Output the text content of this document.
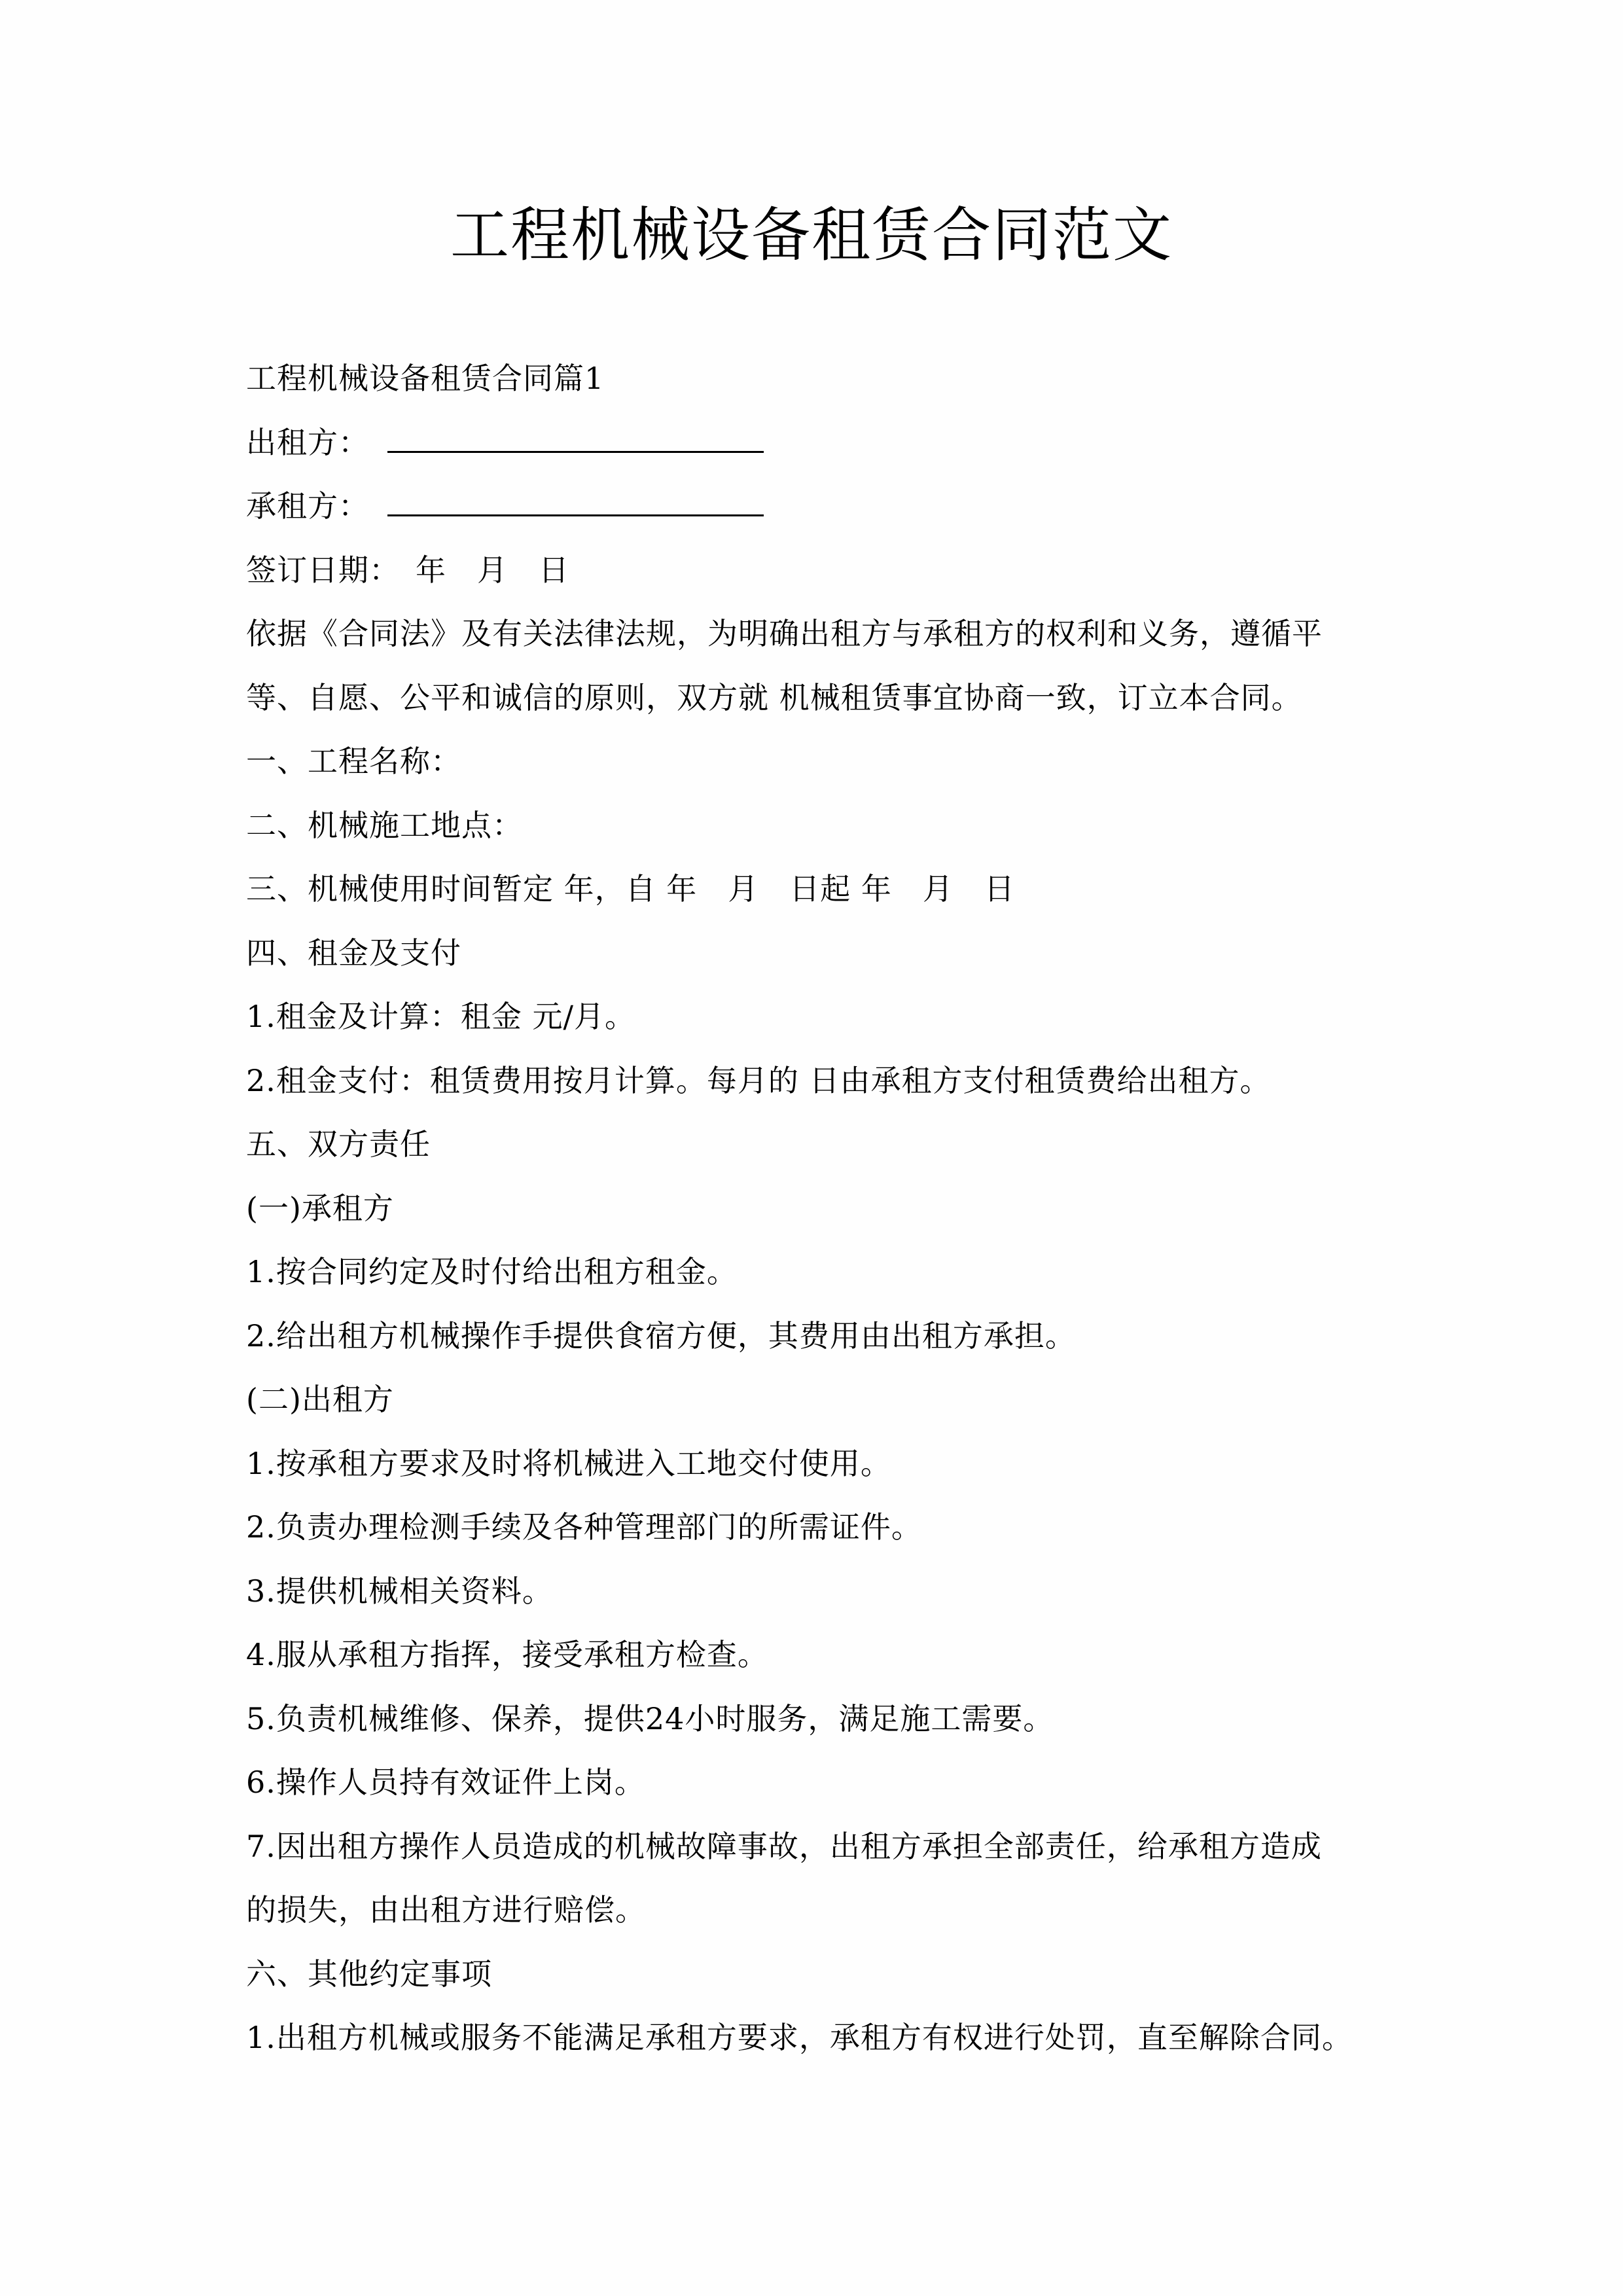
工程机械设备租赁合同范文
工程机械设备租赁合同篇1
出租方：
承租方：
签订日期：　年　月　日
依据《合同法》及有关法律法规，为明确出租方与承租方的权利和义务，遵循平
等、自愿、公平和诚信的原则，双方就 机械租赁事宜协商一致，订立本合同。
一、工程名称：
二、机械施工地点：
三、机械使用时间暂定 年，自 年　月　日起 年　月　日
四、租金及支付
1.租金及计算：租金 元/月。
2.租金支付：租赁费用按月计算。每月的 日由承租方支付租赁费给出租方。
五、双方责任
(一)承租方
1.按合同约定及时付给出租方租金。
2.给出租方机械操作手提供食宿方便，其费用由出租方承担。
(二)出租方
1.按承租方要求及时将机械进入工地交付使用。
2.负责办理检测手续及各种管理部门的所需证件。
3.提供机械相关资料。
4.服从承租方指挥，接受承租方检查。
5.负责机械维修、保养，提供24小时服务，满足施工需要。
6.操作人员持有效证件上岗。
7.因出租方操作人员造成的机械故障事故，出租方承担全部责任，给承租方造成
的损失，由出租方进行赔偿。
六、其他约定事项
1.出租方机械或服务不能满足承租方要求，承租方有权进行处罚，直至解除合同。
